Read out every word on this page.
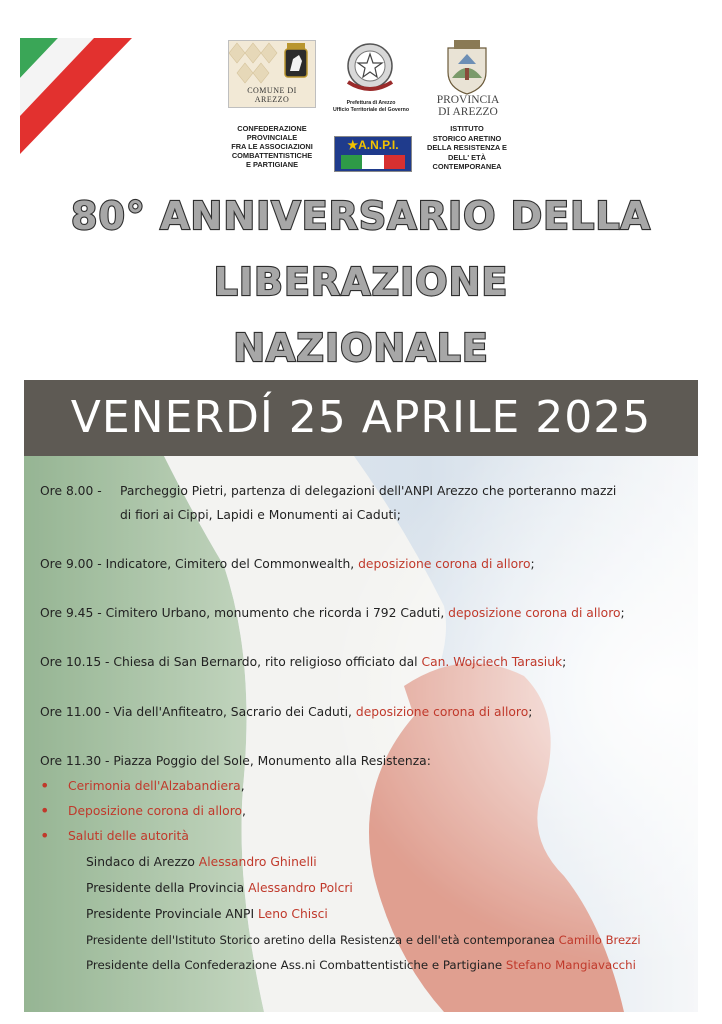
COMUNE DI AREZZO
CONFEDERAZIONE
PROVINCIALE
FRA LE ASSOCIAZIONI
COMBATTENTISTICHE
E PARTIGIANE
Prefettura di Arezzo
Ufficio Territoriale del Governo
★A.N.P.I.
PROVINCIA
DI AREZZO
ISTITUTO
STORICO ARETINO
DELLA RESISTENZA E
DELL' ETÀ
CONTEMPORANEA
80° ANNIVERSARIO DELLA
LIBERAZIONE
NAZIONALE
VENERDÍ 25 APRILE 2025
Ore 8.00 - Parcheggio Pietri, partenza di delegazioni dell'ANPI Arezzo che porteranno mazzi
di fiori ai Cippi, Lapidi e Monumenti ai Caduti;
Ore 9.00 - Indicatore, Cimitero del Commonwealth, deposizione corona di alloro;
Ore 9.45 - Cimitero Urbano, monumento che ricorda i 792 Caduti, deposizione corona di alloro;
Ore 10.15 - Chiesa di San Bernardo, rito religioso officiato dal Can. Wojciech Tarasiuk;
Ore 11.00 - Via dell'Anfiteatro, Sacrario dei Caduti, deposizione corona di alloro;
Ore 11.30 - Piazza Poggio del Sole, Monumento alla Resistenza:
• Cerimonia dell'Alzabandiera,
• Deposizione corona di alloro,
• Saluti delle autorità
Sindaco di Arezzo Alessandro Ghinelli
Presidente della Provincia Alessandro Polcri
Presidente Provinciale ANPI Leno Chisci
Presidente dell'Istituto Storico aretino della Resistenza e dell'età contemporanea Camillo Brezzi
Presidente della Confederazione Ass.ni Combattentistiche e Partigiane Stefano Mangiavacchi
